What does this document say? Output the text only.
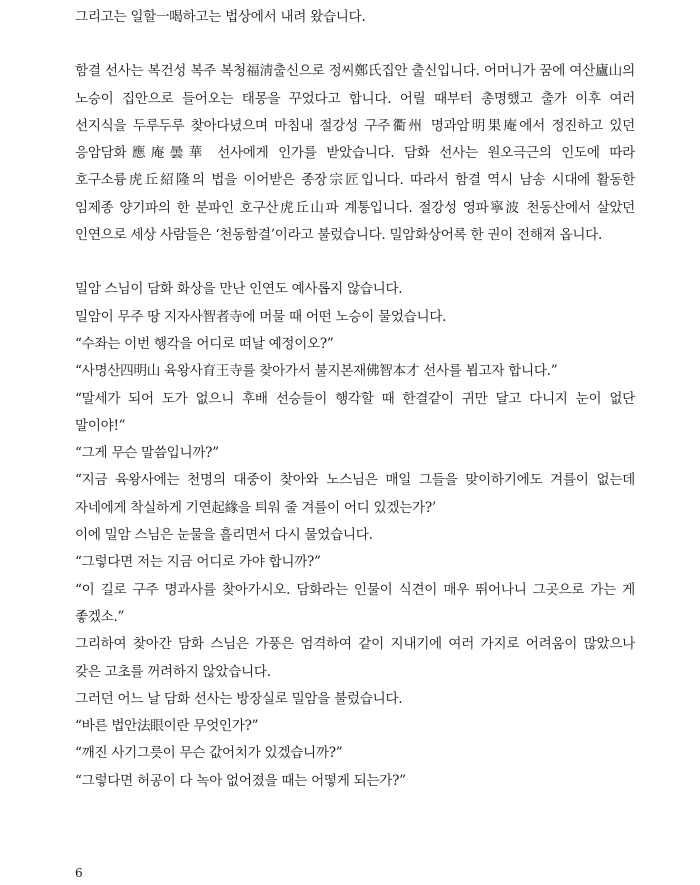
그리고는 일할一喝하고는 법상에서 내려 왔습니다.

함결 선사는 복건성 복주 복청福淸출신으로 정씨鄭氏집안 출신입니다. 어머니가 꿈에 여산廬山의 노승이 집안으로 들어오는 태몽을 꾸었다고 합니다. 어릴 때부터 총명했고 출가 이후 여러 선지식을 두루두루 찾아다녔으며 마침내 절강성 구주衢州 명과암明果庵에서 정진하고 있던 응암담화應庵曇華 선사에게 인가를 받았습니다. 담화 선사는 원오극근의 인도에 따라 호구소륭虎丘紹隆의 법을 이어받은 종장宗匠입니다. 따라서 함결 역시 남송 시대에 활동한 임제종 양기파의 한 분파인 호구산虎丘山파 계통입니다. 절강성 영파寧波 천동산에서 살았던 인연으로 세상 사람들은 ‘천동함결’이라고 불렀습니다. 밀암화상어록 한 권이 전해져 옵니다.

밀암 스님이 담화 화상을 만난 인연도 예사롭지 않습니다.

밀암이 무주 땅 지자사智者寺에 머물 때 어떤 노승이 물었습니다.

“수좌는 이번 행각을 어디로 떠날 예정이오?”

“사명산四明山 육왕사育王寺를 찾아가서 불지본재佛智本才 선사를 뵙고자 합니다.”

“말세가 되어 도가 없으니 후배 선승들이 행각할 때 한결같이 귀만 달고 다니지 눈이 없단 말이야!”

“그게 무슨 말씀입니까?”

“지금 육왕사에는 천명의 대중이 찾아와 노스님은 매일 그들을 맞이하기에도 겨를이 없는데 자네에게 착실하게 기연起緣을 틔워 줄 겨를이 어디 있겠는가?’

이에 밀암 스님은 눈물을 흘리면서 다시 물었습니다.

“그렇다면 저는 지금 어디로 가야 합니까?”

“이 길로 구주 명과사를 찾아가시오. 담화라는 인물이 식견이 매우 뛰어나니 그곳으로 가는 게 좋겠소.”

그리하여 찾아간 담화 스님은 가풍은 엄격하여 같이 지내기에 여러 가지로 어려움이 많았으나 갖은 고초를 꺼려하지 않았습니다.

그러던 어느 날 담화 선사는 방장실로 밀암을 불렀습니다.

“바른 법안法眼이란 무엇인가?”

“깨진 사기그릇이 무슨 값어치가 있겠습니까?”

“그렇다면 허공이 다 녹아 없어졌을 때는 어떻게 되는가?”

6
